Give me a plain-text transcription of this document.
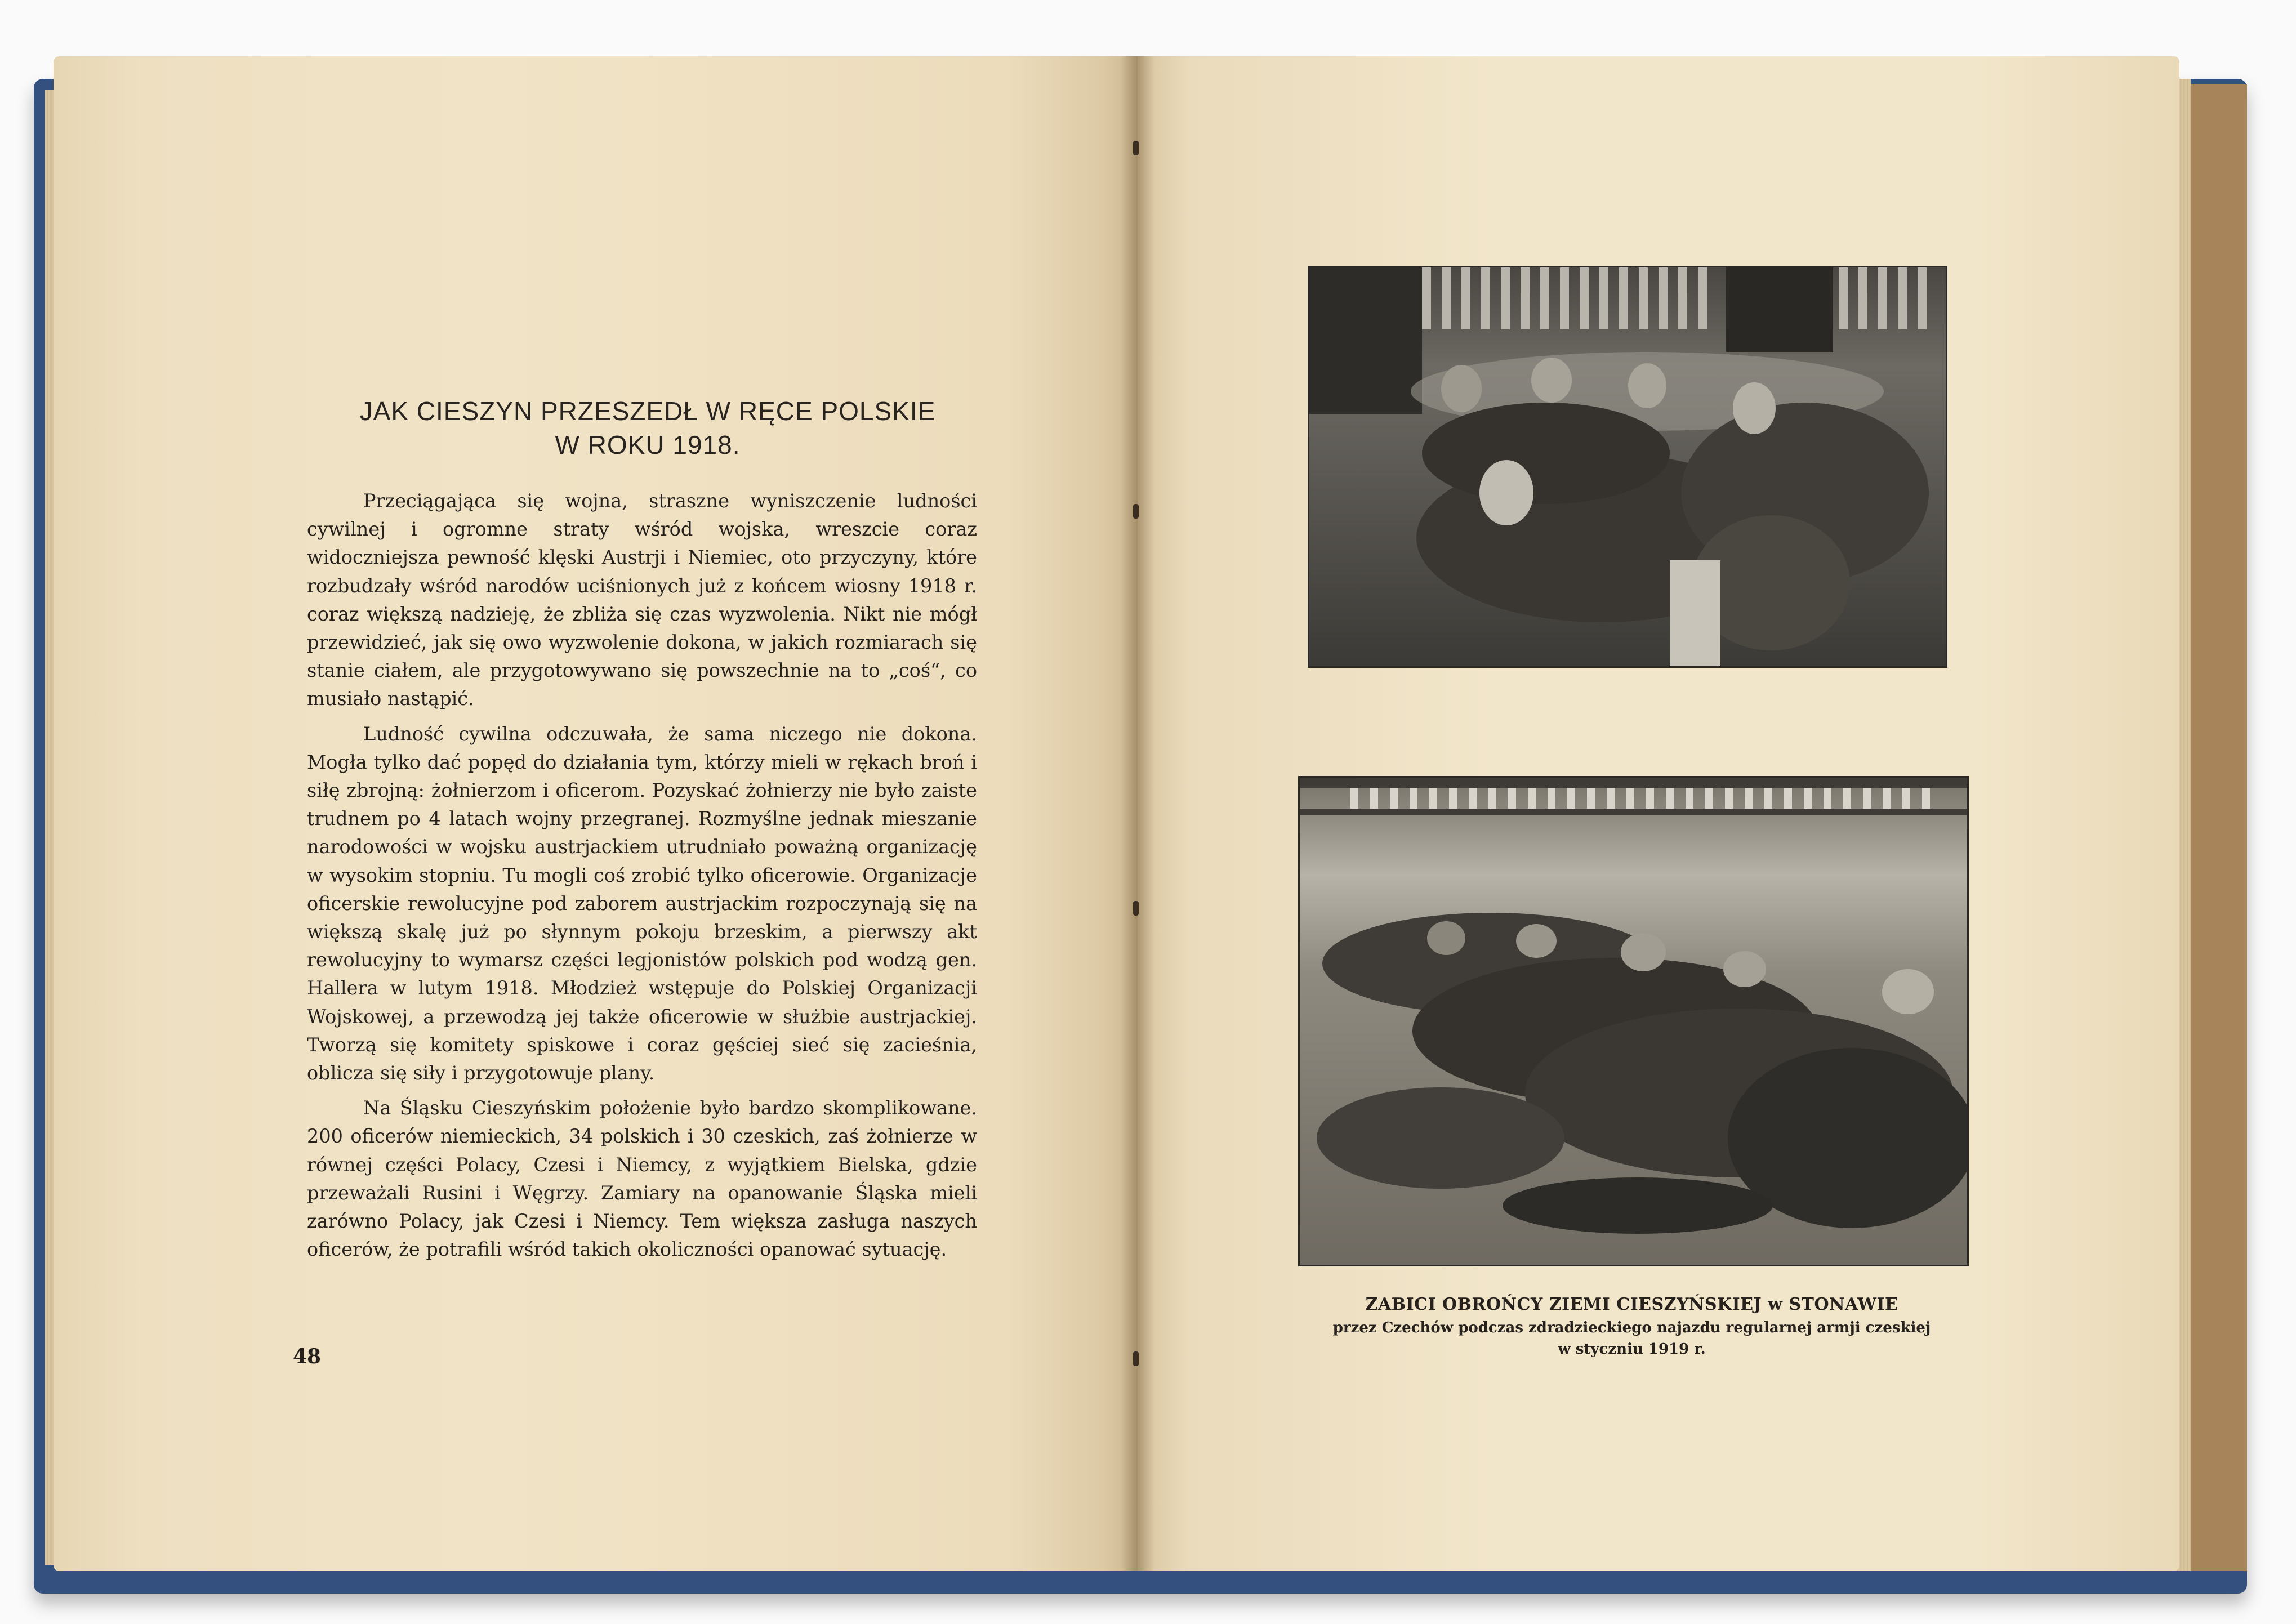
JAK CIESZYN PRZESZEDŁ W RĘCE POLSKIE
W ROKU 1918.

Przeciągająca się wojna, straszne wyniszczenie ludności cywilnej i ogromne straty wśród wojska, wreszcie coraz widoczniejsza pewność klęski Austrji i Niemiec, oto przyczyny, które rozbudzały wśród narodów uciśnionych już z końcem wiosny 1918 r. coraz większą nadzieję, że zbliża się czas wyzwolenia. Nikt nie mógł przewidzieć, jak się owo wyzwolenie dokona, w jakich rozmiarach się stanie ciałem, ale przygotowywano się powszechnie na to „coś“, co musiało nastąpić.

Ludność cywilna odczuwała, że sama niczego nie dokona. Mogła tylko dać popęd do działania tym, którzy mieli w rękach broń i siłę zbrojną: żołnierzom i oficerom. Pozyskać żołnierzy nie było zaiste trudnem po 4 latach wojny przegranej. Rozmyślne jednak mieszanie narodowości w wojsku austrjackiem utrudniało poważną organizację w wysokim stopniu. Tu mogli coś zrobić tylko oficerowie. Organizacje oficerskie rewolucyjne pod zaborem austrjackim rozpoczynają się na większą skalę już po słynnym pokoju brzeskim, a pierwszy akt rewolucyjny to wymarsz części legjonistów polskich pod wodzą gen. Hallera w lutym 1918. Młodzież wstępuje do Polskiej Organizacji Wojskowej, a przewodzą jej także oficerowie w służbie austrjackiej. Tworzą się komitety spiskowe i coraz gęściej sieć się zacieśnia, oblicza się siły i przygotowuje plany.

Na Śląsku Cieszyńskim położenie było bardzo skomplikowane. 200 oficerów niemieckich, 34 polskich i 30 czeskich, zaś żołnierze w równej części Polacy, Czesi i Niemcy, z wyjątkiem Bielska, gdzie przeważali Rusini i Węgrzy. Zamiary na opanowanie Śląska mieli zarówno Polacy, jak Czesi i Niemcy. Tem większa zasługa naszych oficerów, że potrafili wśród takich okoliczności opanować sytuację.

48
ZABICI OBROŃCY ZIEMI CIESZYŃSKIEJ w STONAWIE
przez Czechów podczas zdradzieckiego najazdu regularnej armji czeskiej
w styczniu 1919 r.
